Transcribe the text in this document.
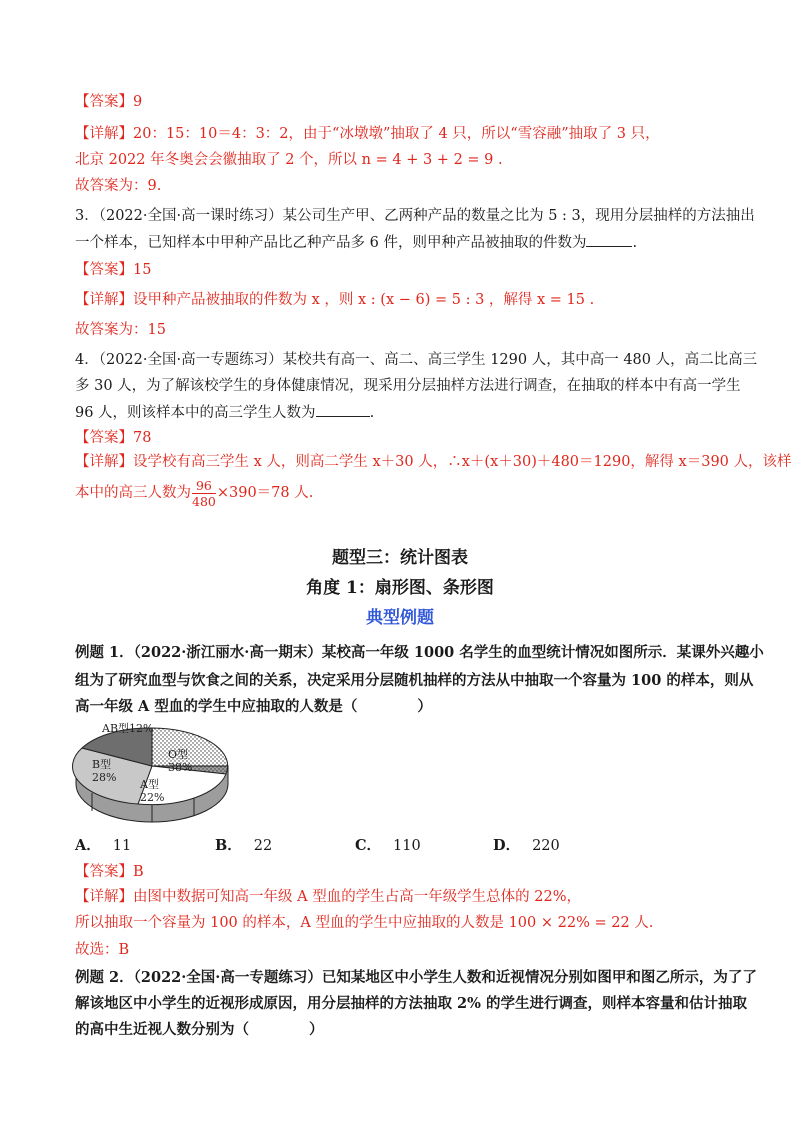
【答案】9
【详解】20：15：10＝4：3：2，由于“冰墩墩”抽取了 4 只，所以“雪容融”抽取了 3 只，
北京 2022 年冬奥会会徽抽取了 2 个，所以 n = 4 + 3 + 2 = 9 .
故答案为：9.
3．（2022·全国·高一课时练习）某公司生产甲、乙两种产品的数量之比为 5 : 3，现用分层抽样的方法抽出
一个样本，已知样本中甲种产品比乙种产品多 6 件，则甲种产品被抽取的件数为	.
【答案】15
【详解】设甲种产品被抽取的件数为 x ，则 x : (x − 6) = 5 : 3 ，解得 x = 15 .
故答案为：15
4．（2022·全国·高一专题练习）某校共有高一、高二、高三学生 1290 人，其中高一 480 人，高二比高三
多 30 人，为了解该校学生的身体健康情况，现采用分层抽样方法进行调查，在抽取的样本中有高一学生
96 人，则该样本中的高三学生人数为	.
【答案】78
【详解】设学校有高三学生 x 人，则高二学生 x＋30 人，∴x＋(x＋30)＋480＝1290，解得 x＝390 人，该样
本中的高三人数为 $\frac{96}{480} \times 390=78$ 人.
题型三：统计图表
角度 1：扇形图、条形图
典型例题
例题 1．（2022·浙江丽水·高一期末）某校高一年级 1000 名学生的血型统计情况如图所示．某课外兴趣小
组为了研究血型与饮食之间的关系，决定采用分层随机抽样的方法从中抽取一个容量为 100 的样本，则从
高一年级 A 型血的学生中应抽取的人数是（	）
AB型12%
O型
38%
B型
28%
A型
22%
A． 11	B． 22	C． 110	D． 220
【答案】B
【详解】由图中数据可知高一年级 A 型血的学生占高一年级学生总体的 22%，
所以抽取一个容量为 100 的样本，A 型血的学生中应抽取的人数是 100 × 22% = 22 人.
故选：B
例题 2．（2022·全国·高一专题练习）已知某地区中小学生人数和近视情况分别如图甲和图乙所示，为了了
解该地区中小学生的近视形成原因，用分层抽样的方法抽取 2% 的学生进行调查，则样本容量和估计抽取
的高中生近视人数分别为（	）
